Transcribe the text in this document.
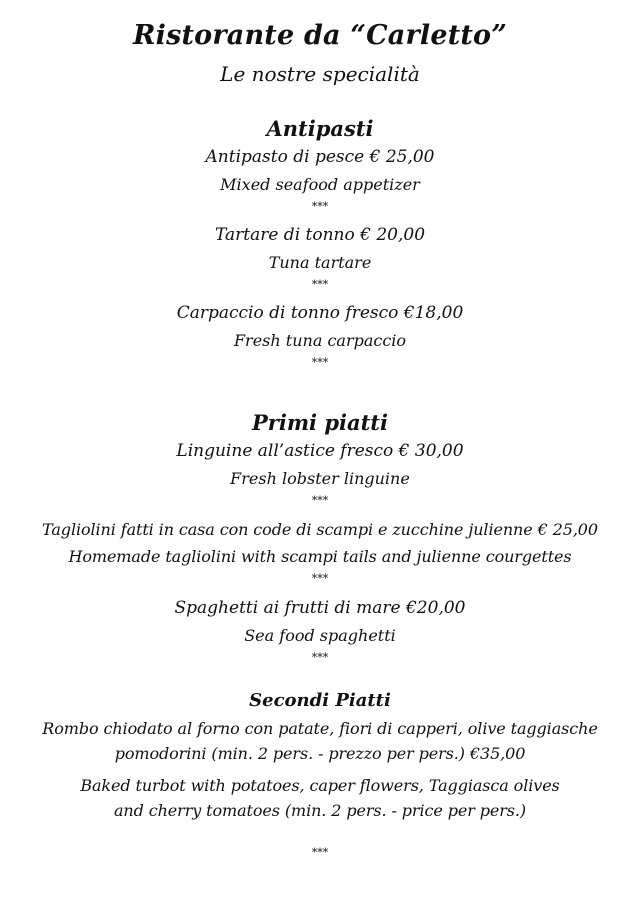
Ristorante da “Carletto”
Le nostre specialità
Antipasti
Antipasto di pesce € 25,00
Mixed seafood appetizer
***
Tartare di tonno € 20,00
Tuna tartare
***
Carpaccio di tonno fresco €18,00
Fresh tuna carpaccio
***
Primi piatti
Linguine all’astice fresco € 30,00
Fresh lobster linguine
***
Tagliolini fatti in casa con code di scampi e zucchine julienne € 25,00
Homemade tagliolini with scampi tails and julienne courgettes
***
Spaghetti ai frutti di mare €20,00
Sea food spaghetti
***
Secondi Piatti
Rombo chiodato al forno con patate, fiori di capperi, olive taggiasche
pomodorini (min. 2 pers. - prezzo per pers.) €35,00
Baked turbot with potatoes, caper flowers, Taggiasca olives
and cherry tomatoes (min. 2 pers. - price per pers.)
***
